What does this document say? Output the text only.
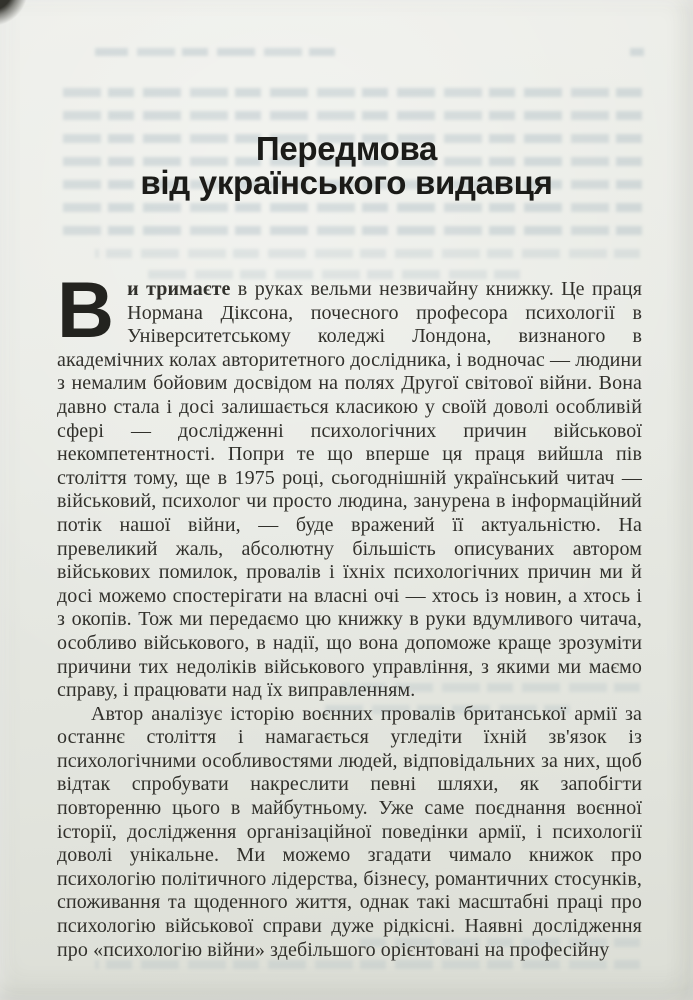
Передмова
від українського видавця

Ви тримаєте в руках вельми незвичайну книжку. Це праця Нормана Діксона, почесного професора психології в Університетському коледжі Лондона, визнаного в академічних колах авторитетного дослідника, і водночас — людини з немалим бойовим досвідом на полях Другої світової війни. Вона давно стала і досі залишається класикою у своїй доволі особливій сфері — дослідженні психологічних причин військової некомпетентності. Попри те що вперше ця праця вийшла пів століття тому, ще в 1975 році, сьогоднішній український читач — військовий, психолог чи просто людина, занурена в інформаційний потік нашої війни, — буде вражений її актуальністю. На превеликий жаль, абсолютну більшість описуваних автором військових помилок, провалів і їхніх психологічних причин ми й досі можемо спостерігати на власні очі — хтось із новин, а хтось і з окопів. Тож ми передаємо цю книжку в руки вдумливого читача, особливо військового, в надії, що вона допоможе краще зрозуміти причини тих недоліків військового управління, з якими ми маємо справу, і працювати над їх виправленням.

Автор аналізує історію воєнних провалів британської армії за останнє століття і намагається угледіти їхній зв'язок із психологічними особливостями людей, відповідальних за них, щоб відтак спробувати накреслити певні шляхи, як запобігти повторенню цього в майбутньому. Уже саме поєднання воєнної історії, дослідження організаційної поведінки армії, і психології доволі унікальне. Ми можемо згадати чимало книжок про психологію політичного лідерства, бізнесу, романтичних стосунків, споживання та щоденного життя, однак такі масштабні праці про психологію військової справи дуже рідкісні. Наявні дослідження про «психологію війни» здебільшого орієнтовані на професійну
